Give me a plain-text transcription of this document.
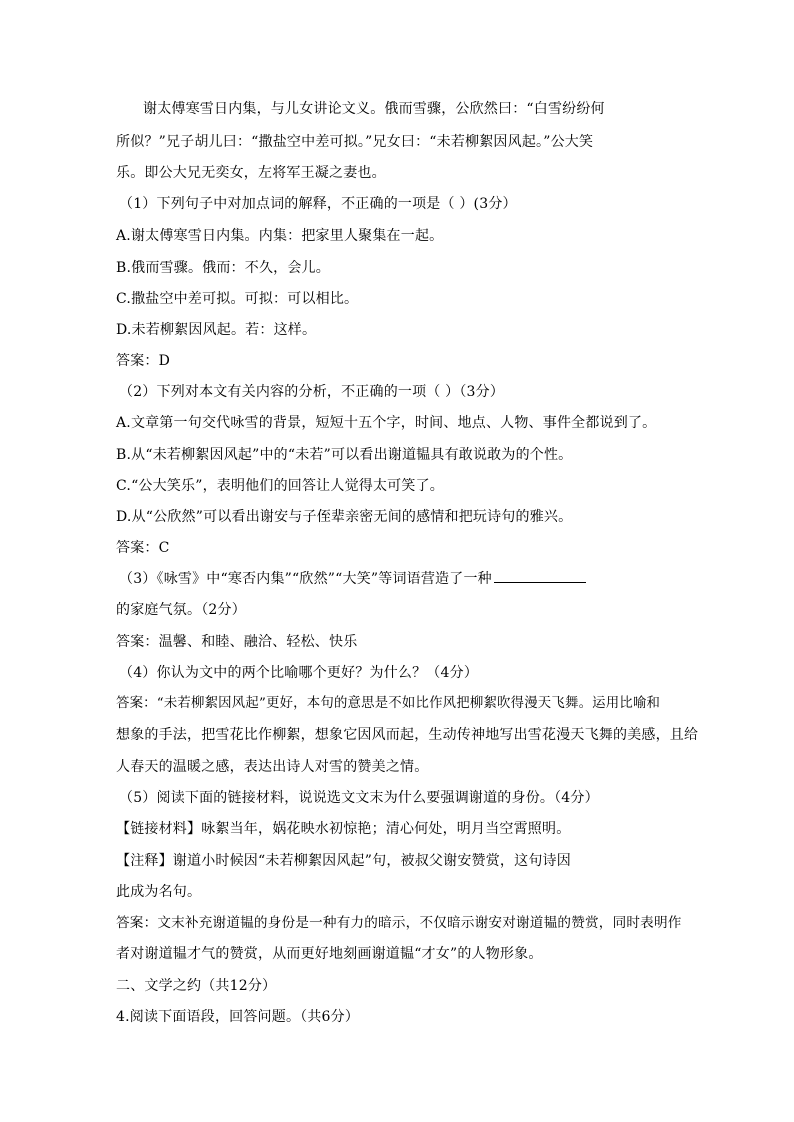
谢太傅寒雪日内集，与儿女讲论文义。俄而雪骤，公欣然曰：“白雪纷纷何
所似？”兄子胡儿曰：“撒盐空中差可拟。”兄女曰：“未若柳絮因风起。”公大笑
乐。即公大兄无奕女，左将军王凝之妻也。
（1）下列句子中对加点词的解释，不正确的一项是（ ）(3分）
A.谢太傅寒雪日内集。内集：把家里人聚集在一起。
B.俄而雪骤。俄而：不久，会儿。
C.撒盐空中差可拟。可拟：可以相比。
D.未若柳絮因风起。若：这样。
答案：D
（2）下列对本文有关内容的分析，不正确的一项（ ）（3分）
A.文章第一句交代咏雪的背景，短短十五个字，时间、地点、人物、事件全都说到了。
B.从“未若柳絮因风起”中的“未若”可以看出谢道韫具有敢说敢为的个性。
C.“公大笑乐”，表明他们的回答让人觉得太可笑了。
D.从“公欣然”可以看出谢安与子侄辈亲密无间的感情和把玩诗句的雅兴。
答案：C
（3）《咏雪》中“寒否内集”“欣然”“大笑”等词语营造了一种
的家庭气氛。（2分）
答案：温馨、和睦、融洽、轻松、快乐
（4）你认为文中的两个比喻哪个更好？为什么？（4分）
答案：“未若柳絮因风起”更好，本句的意思是不如比作风把柳絮吹得漫天飞舞。运用比喻和
想象的手法，把雪花比作柳絮，想象它因风而起，生动传神地写出雪花漫天飞舞的美感，且给
人春天的温暖之感，表达出诗人对雪的赞美之情。
（5）阅读下面的链接材料，说说选文文末为什么要强调谢道的身份。（4分）
【链接材料】咏絮当年，娲花映水初惊艳；清心何处，明月当空霄照明。
【注释】谢道小时候因“未若柳絮因风起”句，被叔父谢安赞赏，这句诗因
此成为名句。
答案：文末补充谢道韫的身份是一种有力的暗示，不仅暗示谢安对谢道韫的赞赏，同时表明作
者对谢道韫才气的赞赏，从而更好地刻画谢道韫“才女”的人物形象。
二、文学之约（共12分）
4.阅读下面语段，回答问题。（共6分）
